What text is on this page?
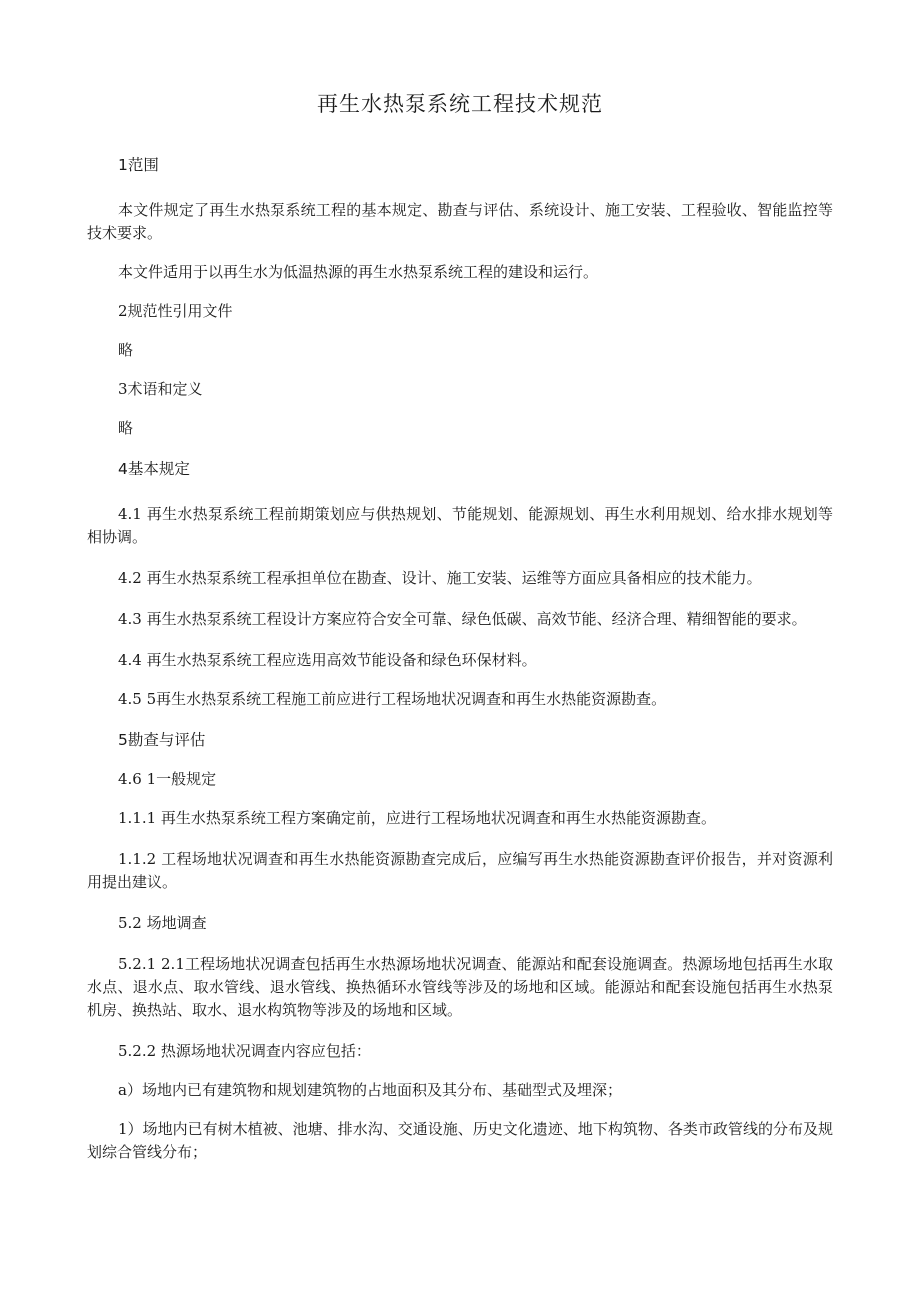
再生水热泵系统工程技术规范

1范围

本文件规定了再生水热泵系统工程的基本规定、勘查与评估、系统设计、施工安装、工程验收、智能监控等技术要求。

本文件适用于以再生水为低温热源的再生水热泵系统工程的建设和运行。

2规范性引用文件

略

3术语和定义

略

4基本规定

4.1 再生水热泵系统工程前期策划应与供热规划、节能规划、能源规划、再生水利用规划、给水排水规划等相协调。

4.2 再生水热泵系统工程承担单位在勘查、设计、施工安装、运维等方面应具备相应的技术能力。

4.3 再生水热泵系统工程设计方案应符合安全可靠、绿色低碳、高效节能、经济合理、精细智能的要求。

4.4 再生水热泵系统工程应选用高效节能设备和绿色环保材料。

4.5 5再生水热泵系统工程施工前应进行工程场地状况调查和再生水热能资源勘查。

5勘查与评估

4.6 1一般规定

1.1.1 再生水热泵系统工程方案确定前，应进行工程场地状况调查和再生水热能资源勘查。

1.1.2 工程场地状况调查和再生水热能资源勘查完成后，应编写再生水热能资源勘查评价报告，并对资源利用提出建议。

5.2 场地调查

5.2.1 2.1工程场地状况调查包括再生水热源场地状况调查、能源站和配套设施调查。热源场地包括再生水取水点、退水点、取水管线、退水管线、换热循环水管线等涉及的场地和区域。能源站和配套设施包括再生水热泵机房、换热站、取水、退水构筑物等涉及的场地和区域。

5.2.2 热源场地状况调查内容应包括：

a）场地内已有建筑物和规划建筑物的占地面积及其分布、基础型式及埋深；

1）场地内已有树木植被、池塘、排水沟、交通设施、历史文化遗迹、地下构筑物、各类市政管线的分布及规划综合管线分布；
